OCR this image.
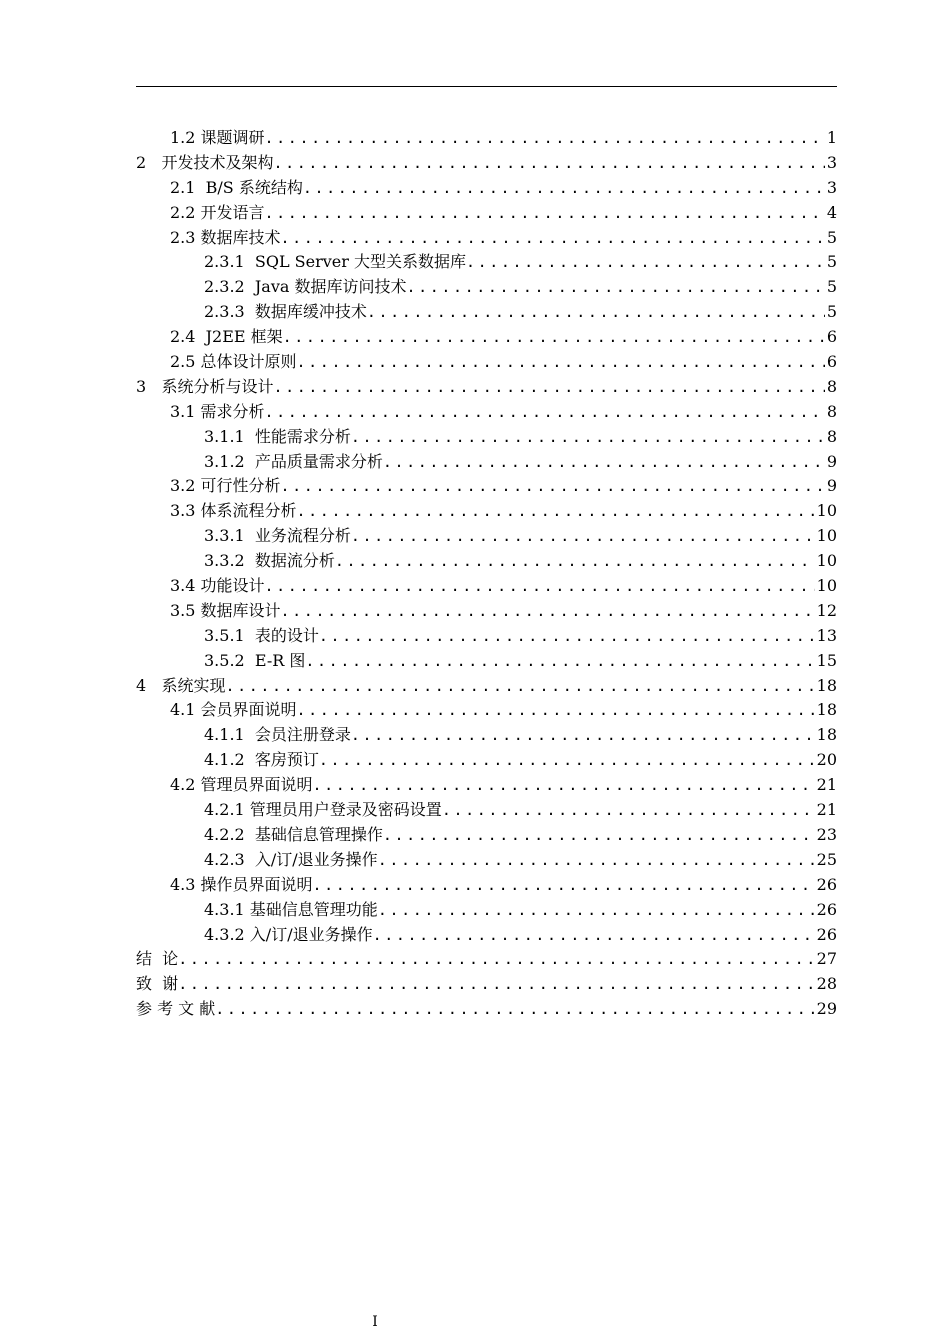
1.2 课题调研 .....	1
2 开发技术及架构 .....	3
2.1 B/S 系统结构 .....	3
2.2 开发语言 .....	4
2.3 数据库技术 .....	5
2.3.1 SQL Server 大型关系数据库 .....	5
2.3.2 Java 数据库访问技术 .....	5
2.3.3 数据库缓冲技术 .....	5
2.4 J2EE 框架 .....	6
2.5 总体设计原则 .....	6
3 系统分析与设计 .....	8
3.1 需求分析 .....	8
3.1.1 性能需求分析 .....	8
3.1.2 产品质量需求分析 .....	9
3.2 可行性分析 .....	9
3.3 体系流程分析 .....	10
3.3.1 业务流程分析 .....	10
3.3.2 数据流分析 .....	10
3.4 功能设计 .....	10
3.5 数据库设计 .....	12
3.5.1 表的设计 .....	13
3.5.2 E-R 图 .....	15
4 系统实现 .....	18
4.1 会员界面说明 .....	18
4.1.1 会员注册登录 .....	18
4.1.2 客房预订 .....	20
4.2 管理员界面说明 .....	21
4.2.1 管理员用户登录及密码设置 .....	21
4.2.2 基础信息管理操作 .....	23
4.2.3 入/订/退业务操作 .....	25
4.3 操作员界面说明 .....	26
4.3.1 基础信息管理功能 .....	26
4.3.2 入/订/退业务操作 .....	26
结  论 .....	27
致  谢 .....	28
参 考 文 献 .....	29
I
